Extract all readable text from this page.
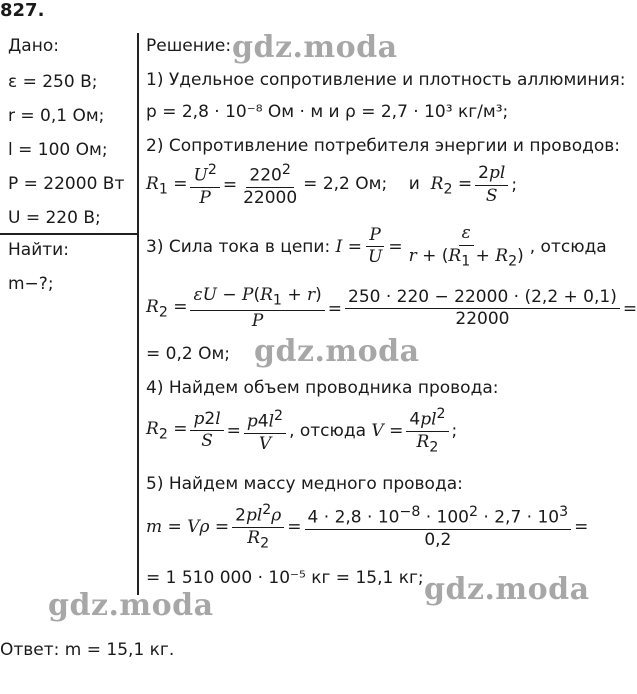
827.
Дано:
ε = 250 В;
r = 0,1 Ом;
l = 100 Ом;
P = 22000 Вт
U = 220 В;
Найти:
m−?;
Решение:
1) Удельное сопротивление и плотность аллюминия:
p = 2,8 · 10⁻⁸ Ом · м и ρ = 2,7 · 10³ кг/м³;
2) Сопротивление потребителя энергии и проводов:
$R_1 = \frac{U^2}{P} = \frac{220^2}{22000} = 2,2$ Ом;    и  $R_2 = \frac{2pl}{S}$ ;
3) Сила тока в цепи: $I = \frac{P}{U} = \frac{\varepsilon}{r + (R_1 + R_2)}$ , отсюда
$R_2 = \frac{\varepsilon U - P(R_1 + r)}{P} = \frac{250 \cdot 220 - 22000 \cdot (2,2 + 0,1)}{22000}$ =
= 0,2 Ом;
4) Найдем объем проводника провода:
$R_2 = \frac{p2l}{S} = \frac{p4l^2}{V}$ , отсюда $V = \frac{4pl^2}{R_2}$ ;
5) Найдем массу медного провода:
$m = V\rho = \frac{2pl^2\rho}{R_2} = \frac{4 \cdot 2,8 \cdot 10^{-8} \cdot 100^2 \cdot 2,7 \cdot 10^3}{0,2}$ =
= 1 510 000 · 10⁻⁵ кг = 15,1 кг;
Ответ: m = 15,1 кг.
gdz.moda
gdz.moda
gdz.moda	gdz.moda
